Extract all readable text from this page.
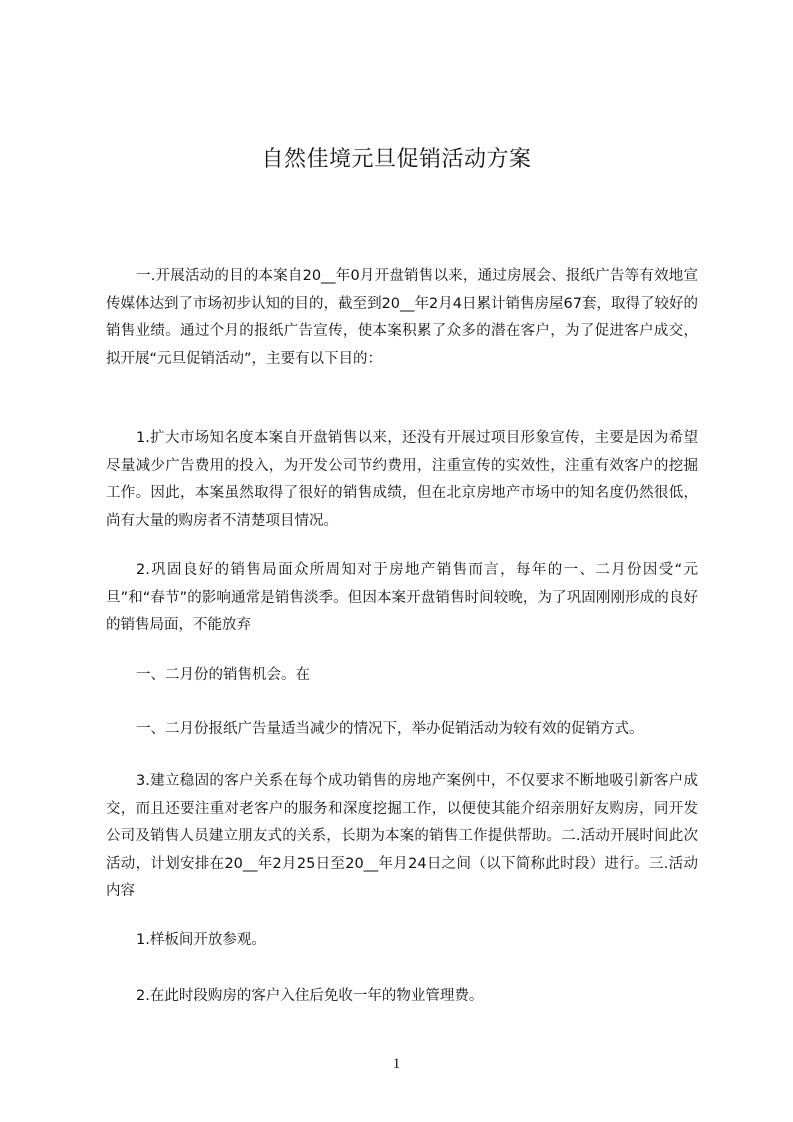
自然佳境元旦促销活动方案

一.开展活动的目的本案自20__年0月开盘销售以来，通过房展会、报纸广告等有效地宣传媒体达到了市场初步认知的目的，截至到20__年2月4日累计销售房屋67套，取得了较好的销售业绩。通过个月的报纸广告宣传，使本案积累了众多的潜在客户，为了促进客户成交，拟开展“元旦促销活动”，主要有以下目的：

1.扩大市场知名度本案自开盘销售以来，还没有开展过项目形象宣传，主要是因为希望尽量减少广告费用的投入，为开发公司节约费用，注重宣传的实效性，注重有效客户的挖掘工作。因此，本案虽然取得了很好的销售成绩，但在北京房地产市场中的知名度仍然很低，尚有大量的购房者不清楚项目情况。

2.巩固良好的销售局面众所周知对于房地产销售而言，每年的一、二月份因受“元旦”和“春节”的影响通常是销售淡季。但因本案开盘销售时间较晚，为了巩固刚刚形成的良好的销售局面，不能放弃

一、二月份的销售机会。在

一、二月份报纸广告量适当减少的情况下，举办促销活动为较有效的促销方式。

3.建立稳固的客户关系在每个成功销售的房地产案例中，不仅要求不断地吸引新客户成交，而且还要注重对老客户的服务和深度挖掘工作，以便使其能介绍亲朋好友购房，同开发公司及销售人员建立朋友式的关系，长期为本案的销售工作提供帮助。二.活动开展时间此次活动，计划安排在20__年2月25日至20__年月24日之间（以下简称此时段）进行。三.活动内容

1.样板间开放参观。

2.在此时段购房的客户入住后免收一年的物业管理费。

1
